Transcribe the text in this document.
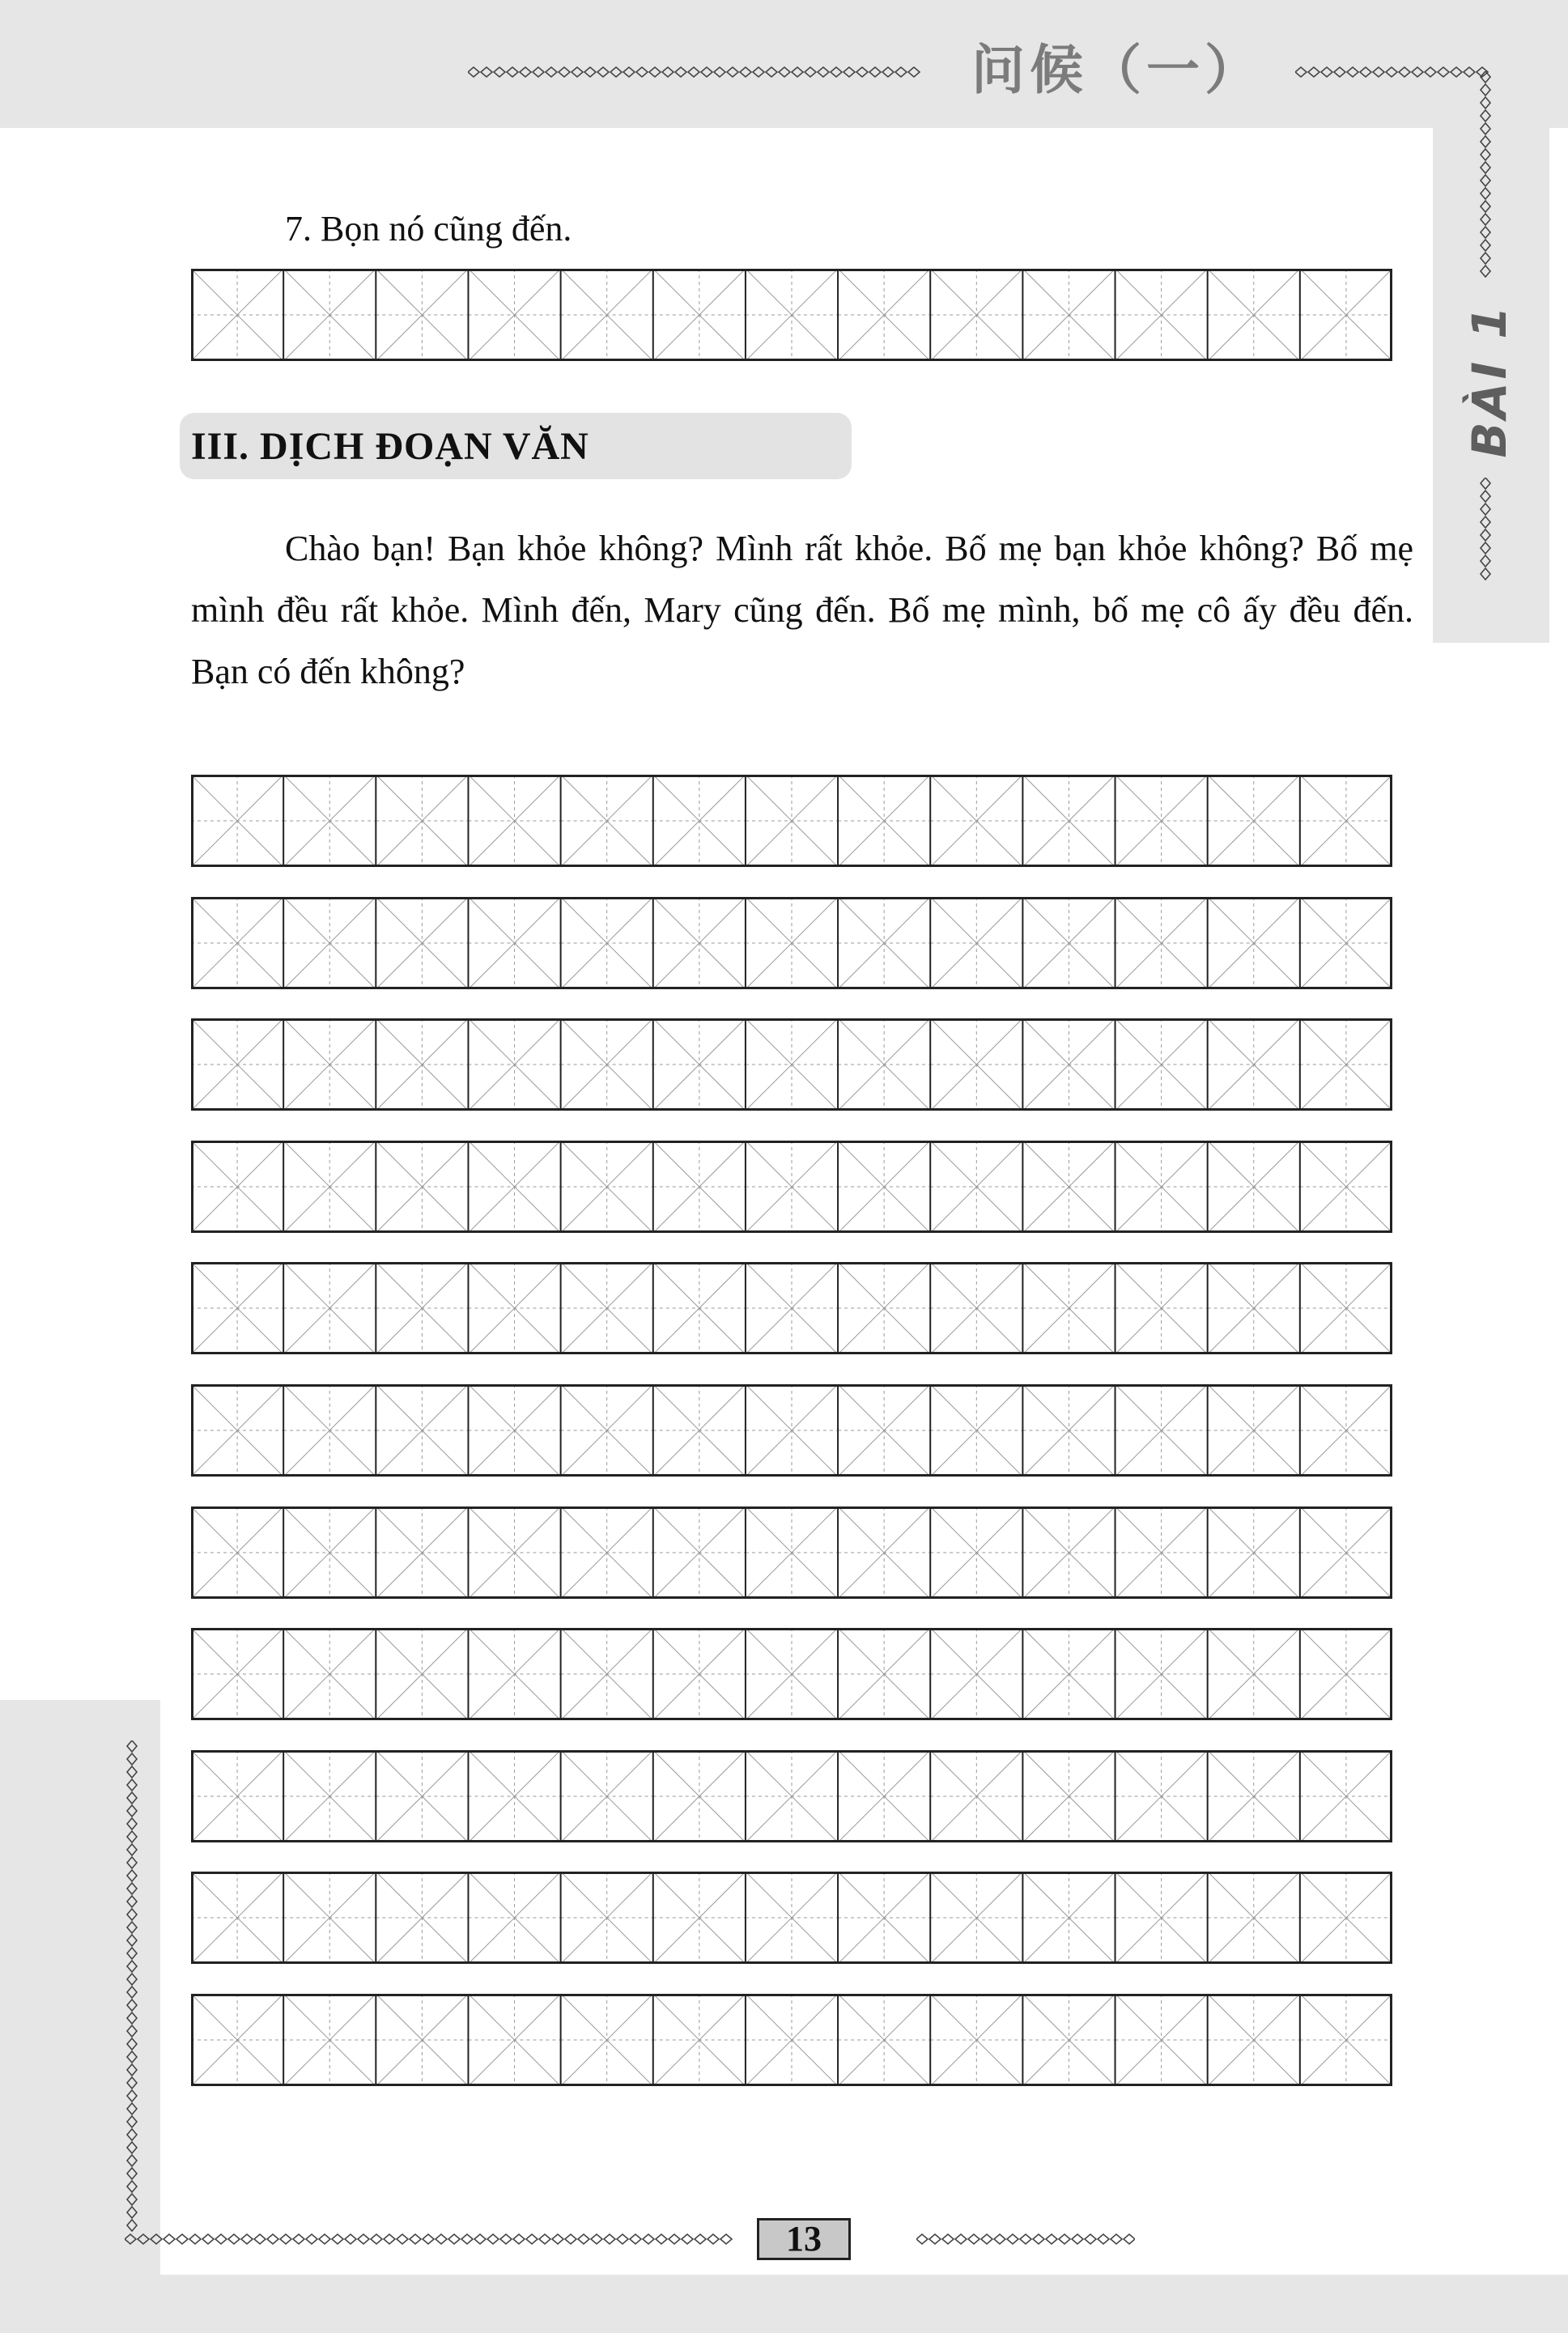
问候（一）
BÀI 1
7. Bọn nó cũng đến.
III. DỊCH ĐOẠN VĂN
Chào bạn! Bạn khỏe không? Mình rất khỏe. Bố mẹ bạn khỏe không? Bố mẹ mình đều rất khỏe. Mình đến, Mary cũng đến. Bố mẹ mình, bố mẹ cô ấy đều đến. Bạn có đến không?
13
